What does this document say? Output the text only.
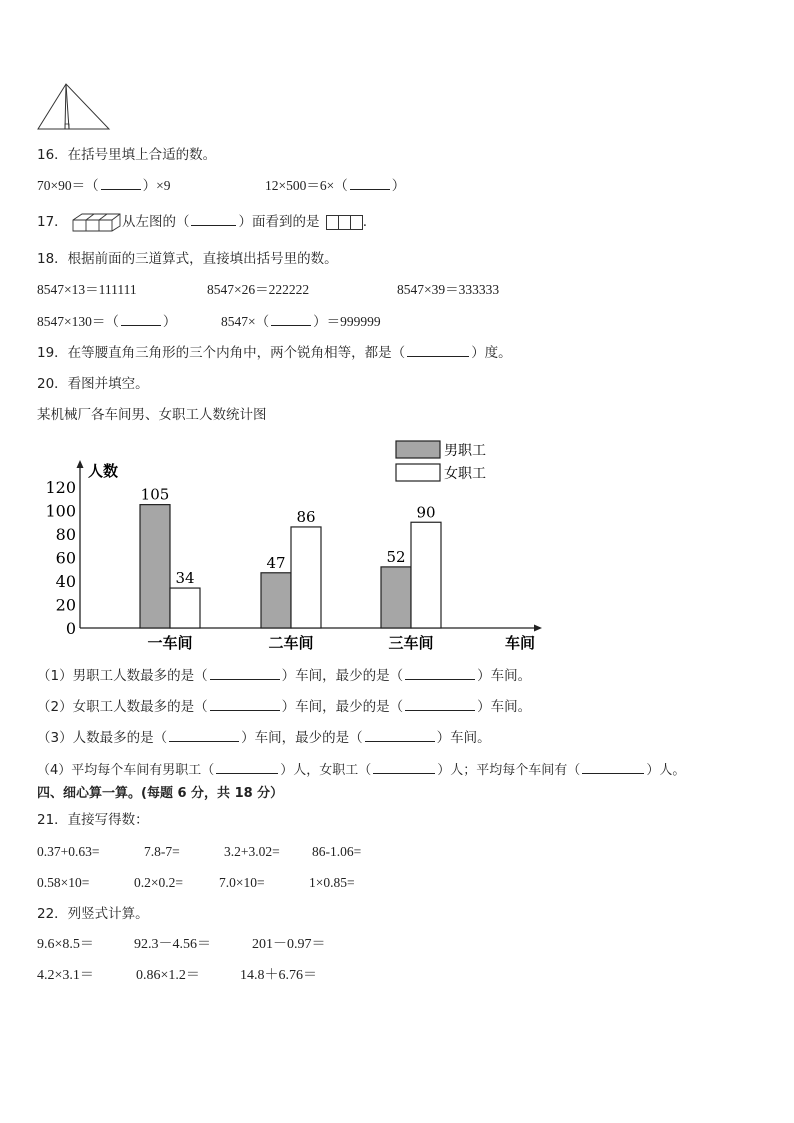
16．在括号里填上合适的数。
70×90＝（	）×9	12×500＝6×（	）
17．	从左图的（	）面看到的是	.
18．根据前面的三道算式，直接填出括号里的数。
8547×13＝111111	8547×26＝222222	8547×39＝333333
8547×130＝（	）	8547×（	）＝999999
19．在等腰直角三角形的三个内角中，两个锐角相等，都是（	）度。
20．看图并填空。
某机械厂各车间男、女职工人数统计图
人数
0
20
40
60
80
100
120	105
34
一车间
47
86
二车间
52
90
三车间	车间
男职工
女职工
（1）男职工人数最多的是（	）车间，最少的是（	）车间。
（2）女职工人数最多的是（	）车间，最少的是（	）车间。
（3）人数最多的是（	）车间，最少的是（	）车间。
（4）平均每个车间有男职工（	）人，女职工（	）人；平均每个车间有（	）人。
四、细心算一算。(每题 6 分，共 18 分）
21．直接写得数：
0.37+0.63=	7.8-7=	3.2+3.02= 86-1.06=
0.58×10=	0.2×0.2=	7.0×10=	1×0.85=
22．列竖式计算。
9.6×8.5＝	92.3－4.56＝	201－0.97＝
4.2×3.1＝	0.86×1.2＝	14.8＋6.76＝
